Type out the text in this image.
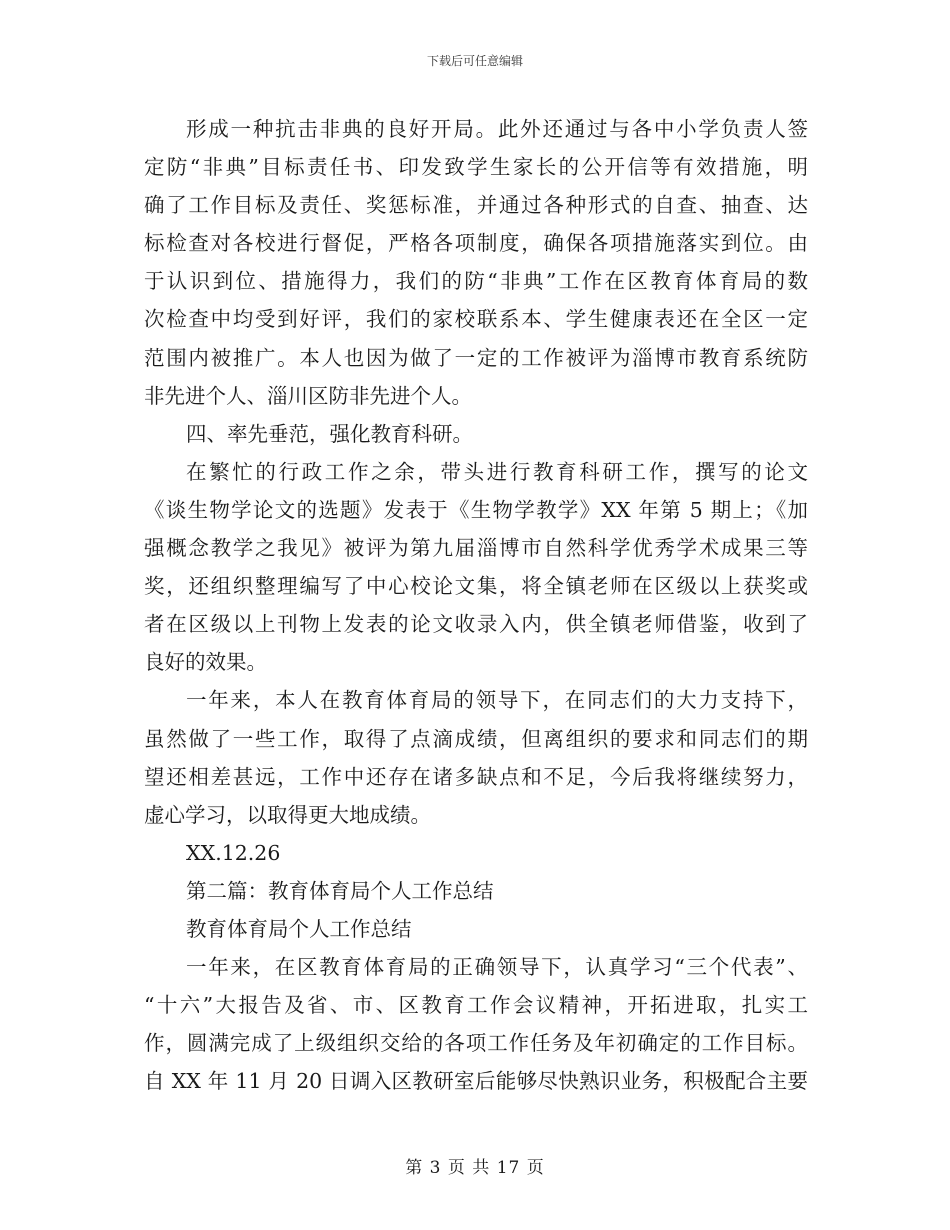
下载后可任意编辑
形成一种抗击非典的良好开局。此外还通过与各中小学负责人签
定防“非典”目标责任书、印发致学生家长的公开信等有效措施，明
确了工作目标及责任、奖惩标准，并通过各种形式的自查、抽查、达
标检查对各校进行督促，严格各项制度，确保各项措施落实到位。由
于认识到位、措施得力，我们的防“非典”工作在区教育体育局的数
次检查中均受到好评，我们的家校联系本、学生健康表还在全区一定
范围内被推广。本人也因为做了一定的工作被评为淄博市教育系统防
非先进个人、淄川区防非先进个人。
四、率先垂范，强化教育科研。
在繁忙的行政工作之余，带头进行教育科研工作，撰写的论文
《谈生物学论文的选题》发表于《生物学教学》XX 年第 5 期上；《加
强概念教学之我见》被评为第九届淄博市自然科学优秀学术成果三等
奖，还组织整理编写了中心校论文集，将全镇老师在区级以上获奖或
者在区级以上刊物上发表的论文收录入内，供全镇老师借鉴，收到了
良好的效果。
一年来，本人在教育体育局的领导下，在同志们的大力支持下，
虽然做了一些工作，取得了点滴成绩，但离组织的要求和同志们的期
望还相差甚远，工作中还存在诸多缺点和不足，今后我将继续努力，
虚心学习，以取得更大地成绩。
XX.12.26
第二篇：教育体育局个人工作总结
教育体育局个人工作总结
一年来，在区教育体育局的正确领导下，认真学习“三个代表”、
“十六”大报告及省、市、区教育工作会议精神，开拓进取，扎实工
作，圆满完成了上级组织交给的各项工作任务及年初确定的工作目标。
自 XX 年 11 月 20 日调入区教研室后能够尽快熟识业务，积极配合主要
第 3 页 共 17 页
